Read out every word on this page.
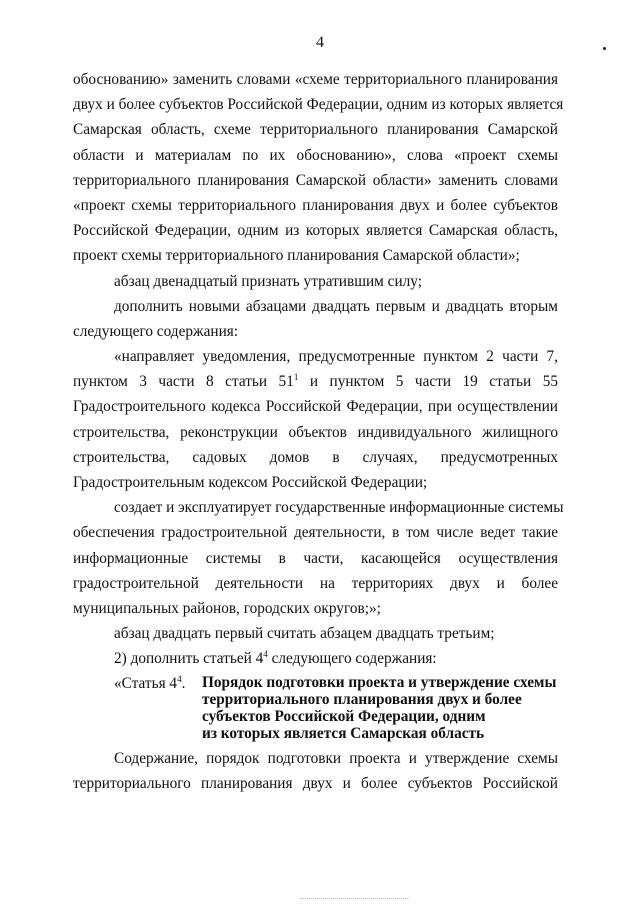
4
обоснованию» заменить словами «схеме территориального планирования
двух и более субъектов Российской Федерации, одним из которых является
Самарская область, схеме территориального планирования Самарской
области и материалам по их обоснованию», слова «проект схемы
территориального планирования Самарской области» заменить словами
«проект схемы территориального планирования двух и более субъектов
Российской Федерации, одним из которых является Самарская область,
проект схемы территориального планирования Самарской области»;
абзац двенадцатый признать утратившим силу;
дополнить новыми абзацами двадцать первым и двадцать вторым
следующего содержания:
«направляет уведомления, предусмотренные пунктом 2 части 7,
пунктом 3 части 8 статьи $51^1$ и пунктом 5 части 19 статьи 55
Градостроительного кодекса Российской Федерации, при осуществлении
строительства, реконструкции объектов индивидуального жилищного
строительства, садовых домов в случаях, предусмотренных
Градостроительным кодексом Российской Федерации;
создает и эксплуатирует государственные информационные системы
обеспечения градостроительной деятельности, в том числе ведет такие
информационные системы в части, касающейся осуществления
градостроительной деятельности на территориях двух и более
муниципальных районов, городских округов;»;
абзац двадцать первый считать абзацем двадцать третьим;
2) дополнить статьей $4^4$ следующего содержания:
«Статья $4^4$.	Порядок подготовки проекта и утверждение схемы
территориального планирования двух и более
субъектов Российской Федерации, одним
из которых является Самарская область
Содержание, порядок подготовки проекта и утверждение схемы
территориального планирования двух и более субъектов Российской
